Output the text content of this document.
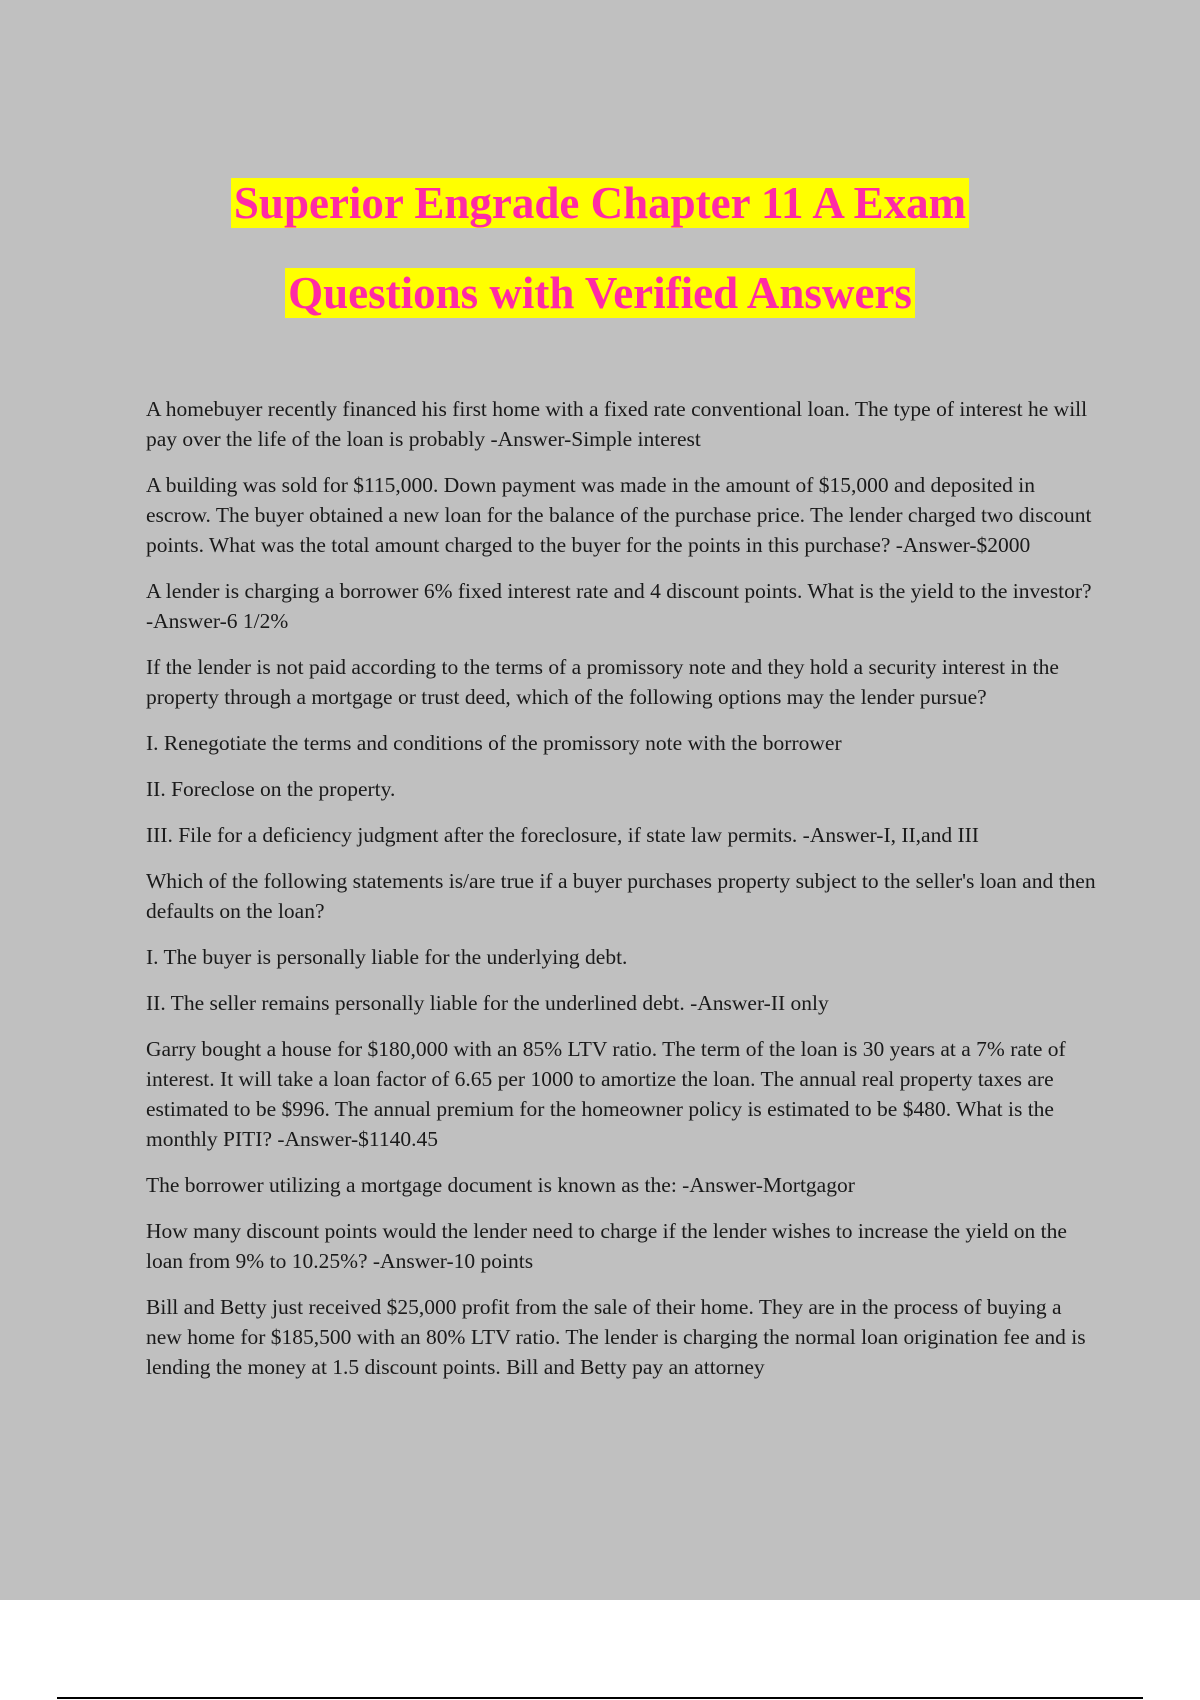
Superior Engrade Chapter 11 A Exam
Questions with Verified Answers

A homebuyer recently financed his first home with a fixed rate conventional loan. The type of interest he will pay over the life of the loan is probably -Answer-Simple interest

A building was sold for $115,000. Down payment was made in the amount of $15,000 and deposited in escrow. The buyer obtained a new loan for the balance of the purchase price. The lender charged two discount points. What was the total amount charged to the buyer for the points in this purchase? -Answer-$2000

A lender is charging a borrower 6% fixed interest rate and 4 discount points. What is the yield to the investor? -Answer-6 1/2%

If the lender is not paid according to the terms of a promissory note and they hold a security interest in the property through a mortgage or trust deed, which of the following options may the lender pursue?

I. Renegotiate the terms and conditions of the promissory note with the borrower

II. Foreclose on the property.

III. File for a deficiency judgment after the foreclosure, if state law permits. -Answer-I, II,and III

Which of the following statements is/are true if a buyer purchases property subject to the seller's loan and then defaults on the loan?

I. The buyer is personally liable for the underlying debt.

II. The seller remains personally liable for the underlined debt. -Answer-II only

Garry bought a house for $180,000 with an 85% LTV ratio. The term of the loan is 30 years at a 7% rate of interest. It will take a loan factor of 6.65 per 1000 to amortize the loan. The annual real property taxes are estimated to be $996. The annual premium for the homeowner policy is estimated to be $480. What is the monthly PITI? -Answer-$1140.45

The borrower utilizing a mortgage document is known as the: -Answer-Mortgagor

How many discount points would the lender need to charge if the lender wishes to increase the yield on the loan from 9% to 10.25%? -Answer-10 points

Bill and Betty just received $25,000 profit from the sale of their home. They are in the process of buying a new home for $185,500 with an 80% LTV ratio. The lender is charging the normal loan origination fee and is lending the money at 1.5 discount points. Bill and Betty pay an attorney
